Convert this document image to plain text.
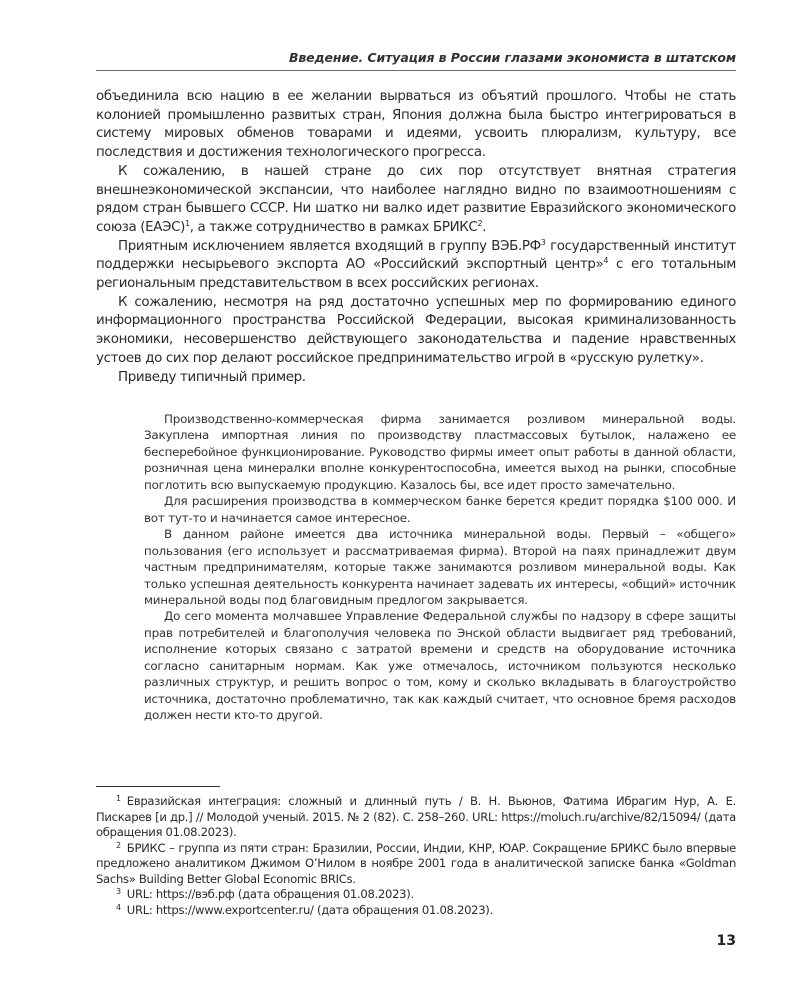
Введение. Ситуация в России глазами экономиста в штатском

объединила всю нацию в ее желании вырваться из объятий прошлого. Чтобы не стать колонией промышленно развитых стран, Япония должна была быстро интегрироваться в систему мировых обменов товарами и идеями, усвоить плюрализм, культуру, все последствия и достижения технологического прогресса.

К сожалению, в нашей стране до сих пор отсутствует внятная стратегия внешнеэкономической экспансии, что наиболее наглядно видно по взаимоотношениям с рядом стран бывшего СССР. Ни шатко ни валко идет развитие Евразийского экономического союза (ЕАЭС)$^1$, а также сотрудничество в рамках БРИКС$^2$.

Приятным исключением является входящий в группу $ВЭБ.РФ^3$ государственный институт поддержки несырьевого экспорта АО «Российский экспортный центр»$^4$ с его тотальным региональным представительством в всех российских регионах.

К сожалению, несмотря на ряд достаточно успешных мер по формированию единого информационного пространства Российской Федерации, высокая криминализованность экономики, несовершенство действующего законодательства и падение нравственных устоев до сих пор делают российское предпринимательство игрой в «русскую рулетку».

Приведу типичный пример.

Производственно-коммерческая фирма занимается розливом минеральной воды. Закуплена импортная линия по производству пластмассовых бутылок, налажено ее бесперебойное функционирование. Руководство фирмы имеет опыт работы в данной области, розничная цена минералки вполне конкурентоспособна, имеется выход на рынки, способные поглотить всю выпускаемую продукцию. Казалось бы, все идет просто замечательно.

Для расширения производства в коммерческом банке берется кредит порядка $100 000. И вот тут-то и начинается самое интересное.

В данном районе имеется два источника минеральной воды. Первый – «общего» пользования (его использует и рассматриваемая фирма). Второй на паях принадлежит двум частным предпринимателям, которые также занимаются розливом минеральной воды. Как только успешная деятельность конкурента начинает задевать их интересы, «общий» источник минеральной воды под благовидным предлогом закрывается.

До сего момента молчавшее Управление Федеральной службы по надзору в сфере защиты прав потребителей и благополучия человека по Энской области выдвигает ряд требований, исполнение которых связано с затратой времени и средств на оборудование источника согласно санитарным нормам. Как уже отмечалось, источником пользуются несколько различных структур, и решить вопрос о том, кому и сколько вкладывать в благоустройство источника, достаточно проблематично, так как каждый считает, что основное бремя расходов должен нести кто-то другой.

$^1$ Евразийская интеграция: сложный и длинный путь / В. Н. Вьюнов, Фатима Ибрагим Нур, А. Е. Пискарев [и др.] // Молодой ученый. 2015. № 2 (82). С. 258–260. URL: https://moluch.ru/archive/82/15094/ (дата обращения 01.08.2023).

$^2$ БРИКС – группа из пяти стран: Бразилии, России, Индии, КНР, ЮАР. Сокращение БРИКС было впервые предложено аналитиком Джимом О’Нилом в ноябре 2001 года в аналитической записке банка «Goldman Sachs» Building Better Global Economic BRICs.

$^3$ URL: https://вэб.рф (дата обращения 01.08.2023).

$^4$ URL: https://www.exportcenter.ru/ (дата обращения 01.08.2023).

13
